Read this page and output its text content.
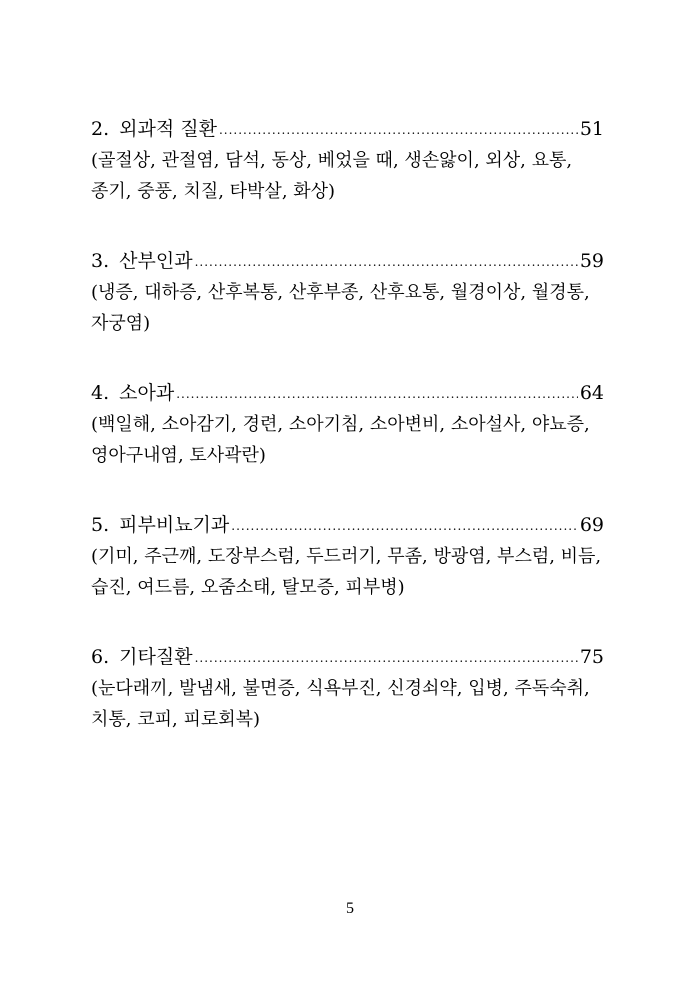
2. 외과적 질환 .....	51
(골절상, 관절염, 담석, 동상, 베었을 때, 생손앓이, 외상, 요통, 종기, 중풍, 치질, 타박살, 화상)
3. 산부인과 .....	59
(냉증, 대하증, 산후복통, 산후부종, 산후요통, 월경이상, 월경통, 자궁염)
4. 소아과 .....	64
(백일해, 소아감기, 경련, 소아기침, 소아변비, 소아설사, 야뇨증, 영아구내염, 토사곽란)
5. 피부비뇨기과 .....	69
(기미, 주근깨, 도장부스럼, 두드러기, 무좀, 방광염, 부스럼, 비듬, 습진, 여드름, 오줌소태, 탈모증, 피부병)
6. 기타질환 .....	75
(눈다래끼, 발냄새, 불면증, 식욕부진, 신경쇠약, 입병, 주독숙취, 치통, 코피, 피로회복)
5
